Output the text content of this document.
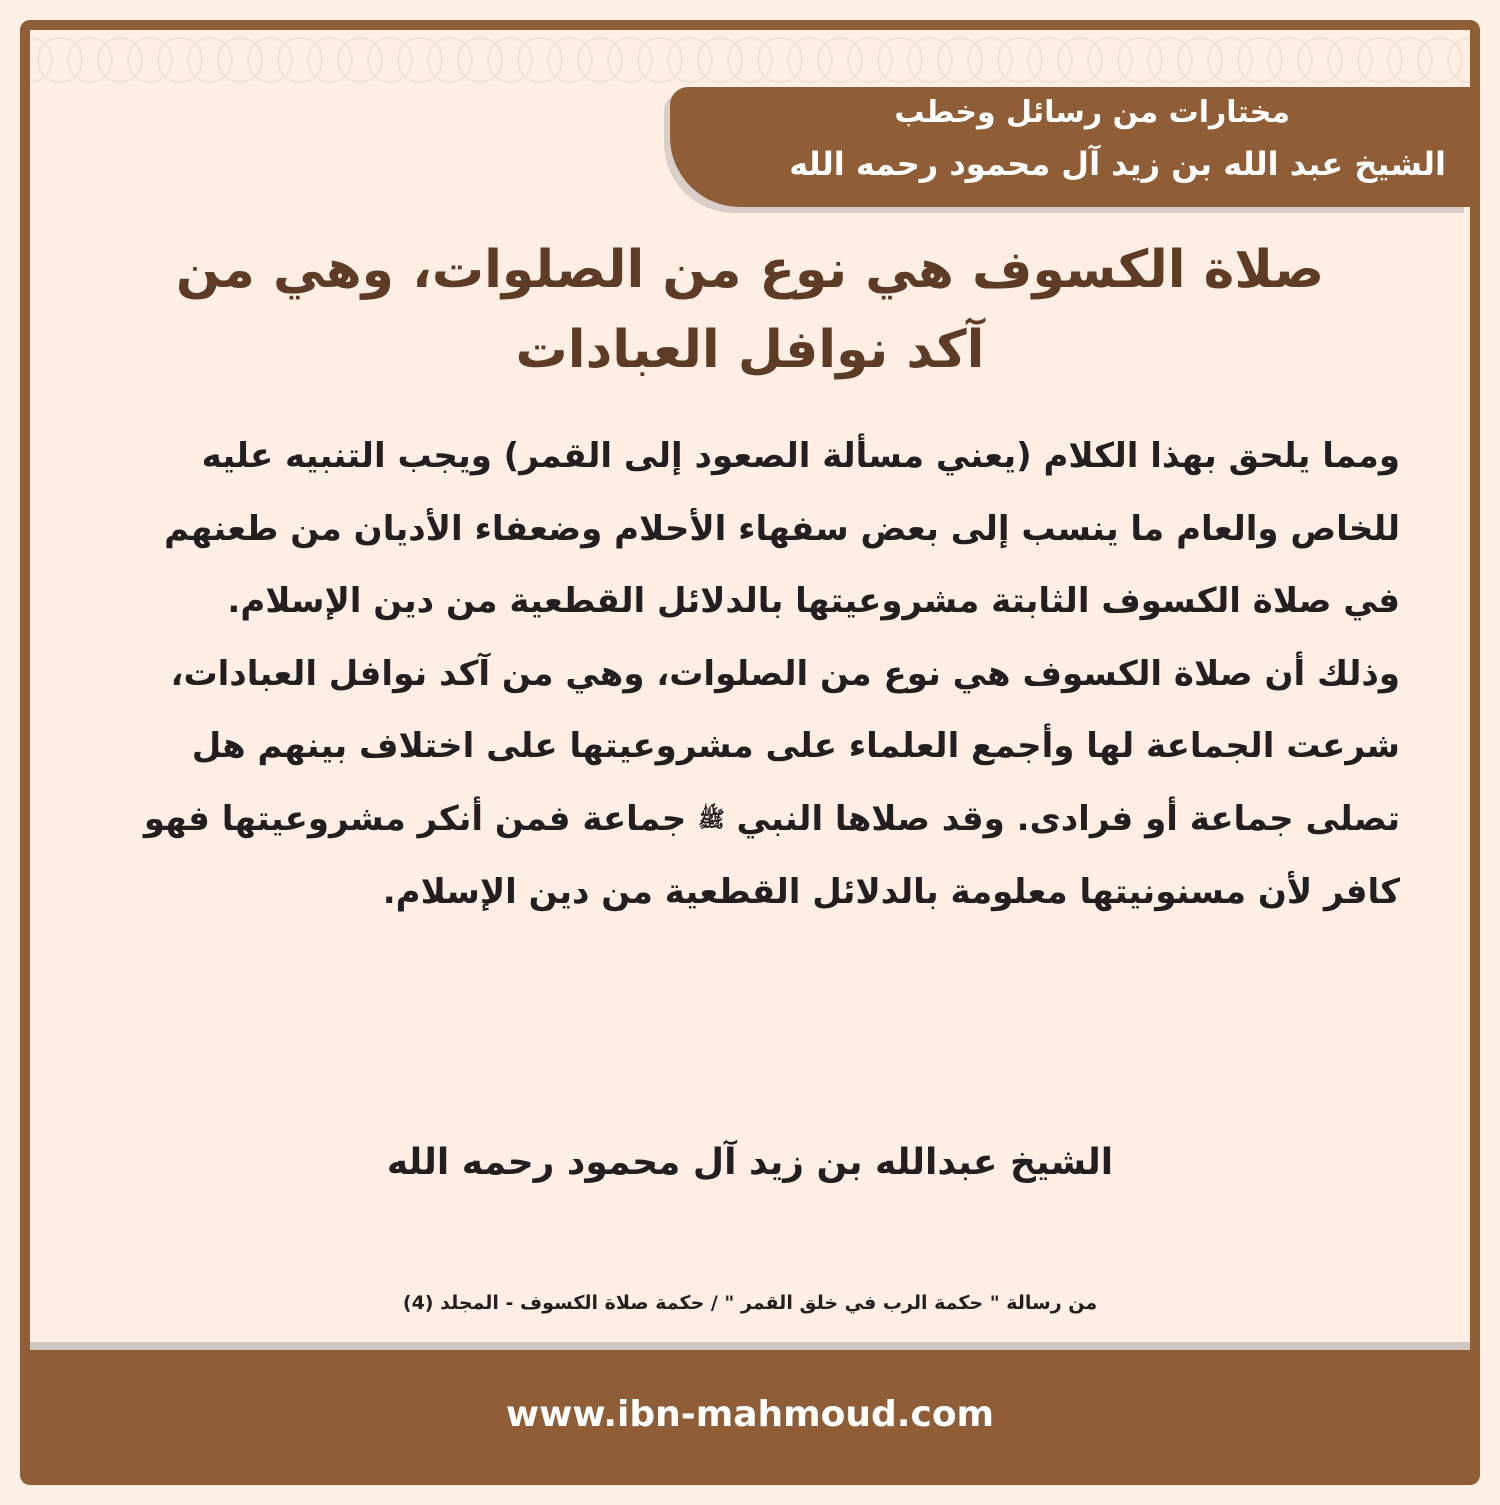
مختارات من رسائل وخطب
الشيخ عبد الله بن زيد آل محمود رحمه الله
صلاة الكسوف هي نوع من الصلوات، وهي من
آكد نوافل العبادات

ومما يلحق بهذا الكلام (يعني مسألة الصعود إلى القمر) ويجب التنبيه عليه للخاص والعام ما ينسب إلى بعض سفهاء الأحلام وضعفاء الأديان من طعنهم في صلاة الكسوف الثابتة مشروعيتها بالدلائل القطعية من دين الإسلام.

وذلك أن صلاة الكسوف هي نوع من الصلوات، وهي من آكد نوافل العبادات، شرعت الجماعة لها وأجمع العلماء على مشروعيتها على اختلاف بينهم هل تصلى جماعة أو فرادى. وقد صلاها النبي ﷺ جماعة فمن أنكر مشروعيتها فهو كافر لأن مسنونيتها معلومة بالدلائل القطعية من دين الإسلام.

الشيخ عبدالله بن زيد آل محمود رحمه الله
من رسالة " حكمة الرب في خلق القمر " / حكمة صلاة الكسوف - المجلد (4)
www.ibn-mahmoud.com
